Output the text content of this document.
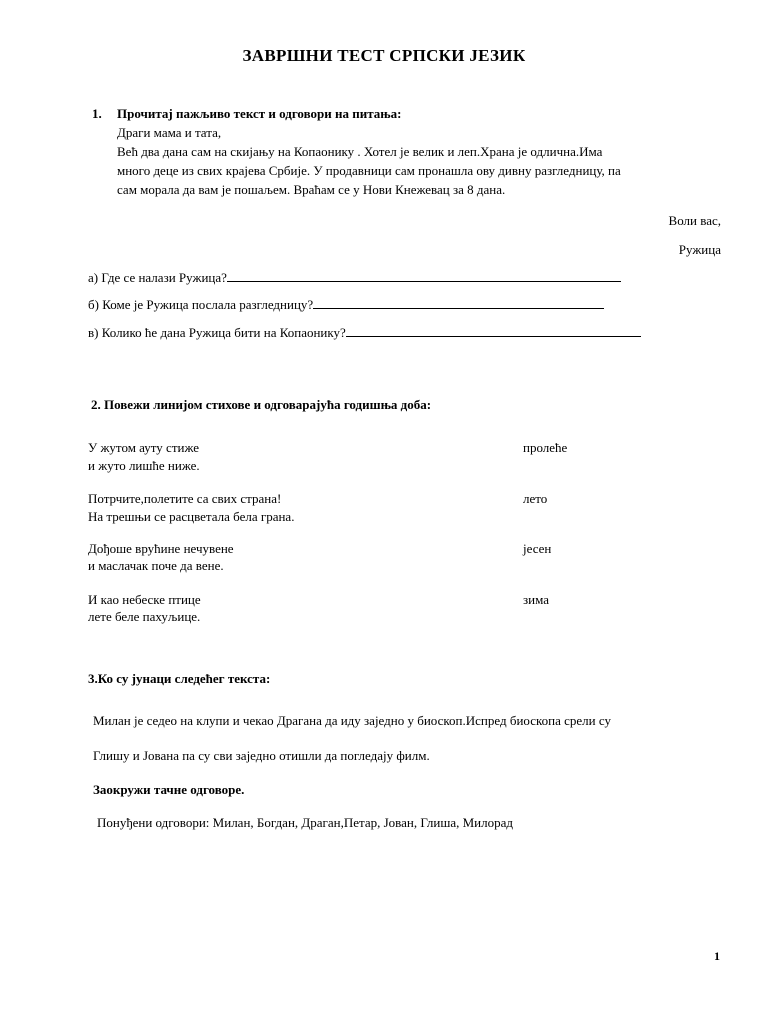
ЗАВРШНИ ТЕСТ СРПСКИ ЈЕЗИК
1. Прочитај пажљиво текст и одговори на питања:
Драги мама и тата,
Већ два дана сам на скијању на Копаонику . Хотел је велик и леп.Храна је одлична.Има
много деце из свих крајева Србије. У продавници сам пронашла ову дивну разгледницу, па
сам морала да вам је пошаљем. Враћам се у Нови Кнежевац за 8 дана.
Воли вас,
Ружица
а) Где се налази Ружица?
б) Коме је Ружица послала разгледницу?
в) Колико ће дана Ружица бити на Копаонику?
2. Повежи линијом стихове и одговарајућа годишња доба:
У жутом ауту стиже
и жуто лишће ниже.
пролеће
Потрчите,полетите са свих страна!
На трешњи се расцветала бела грана.
лето
Дођоше врућине нечувене
и маслачак поче да вене.
јесен
И као небеске птице
лете беле пахуљице.
зима
3.Ко су јунаци следећег текста:
Милан је седео на клупи и чекао Драгана да иду заједно у биоскоп.Испред биоскопа срели су
Глишу и Јована па су сви заједно отишли да погледају филм.
Заокружи тачне одговоре.
Понуђени одговори: Милан, Богдан, Драган,Петар, Јован, Глиша, Милорад
1
